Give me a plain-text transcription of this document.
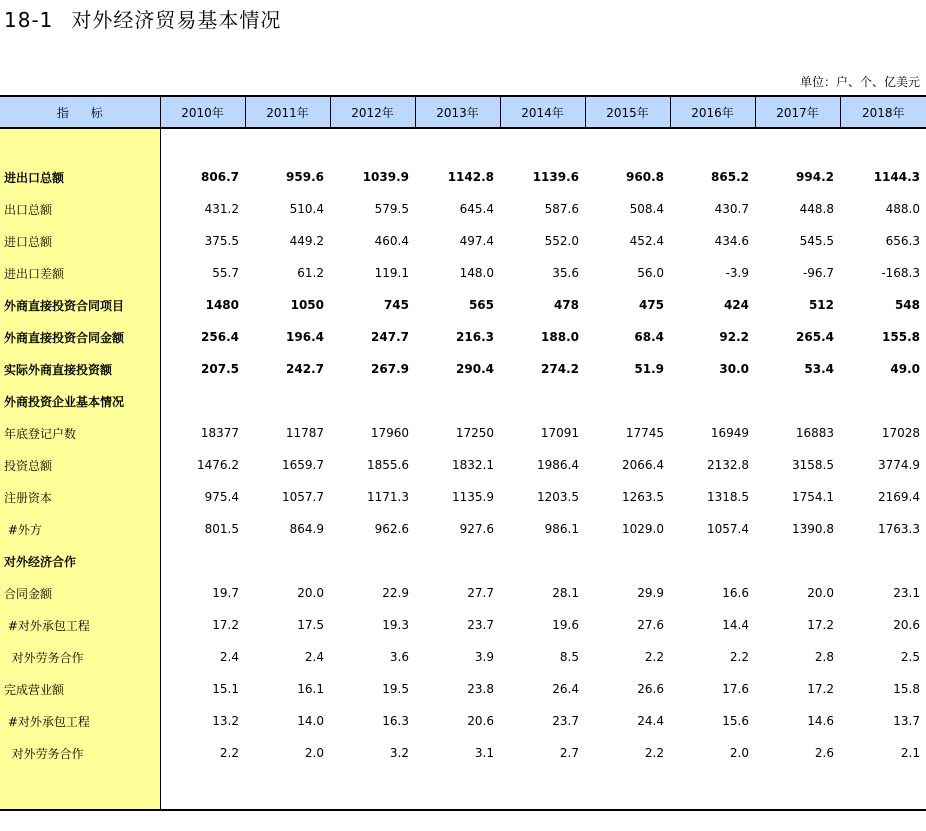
18-1 对外经济贸易基本情况
单位：户、个、亿美元
指标	2010年	2011年	2012年	2013年	2014年	2015年	2016年	2017年	2018年

进出口总额	806.7	959.6	1039.9	1142.8	1139.6	960.8	865.2	994.2	1144.3
出口总额	431.2	510.4	579.5	645.4	587.6	508.4	430.7	448.8	488.0
进口总额	375.5	449.2	460.4	497.4	552.0	452.4	434.6	545.5	656.3
进出口差额	55.7	61.2	119.1	148.0	35.6	56.0	-3.9	-96.7	-168.3
外商直接投资合同项目	1480	1050	745	565	478	475	424	512	548
外商直接投资合同金额	256.4	196.4	247.7	216.3	188.0	68.4	92.2	265.4	155.8
实际外商直接投资额	207.5	242.7	267.9	290.4	274.2	51.9	30.0	53.4	49.0
外商投资企业基本情况									
年底登记户数	18377	11787	17960	17250	17091	17745	16949	16883	17028
投资总额	1476.2	1659.7	1855.6	1832.1	1986.4	2066.4	2132.8	3158.5	3774.9
注册资本	975.4	1057.7	1171.3	1135.9	1203.5	1263.5	1318.5	1754.1	2169.4
#外方	801.5	864.9	962.6	927.6	986.1	1029.0	1057.4	1390.8	1763.3
对外经济合作									
合同金额	19.7	20.0	22.9	27.7	28.1	29.9	16.6	20.0	23.1
#对外承包工程	17.2	17.5	19.3	23.7	19.6	27.6	14.4	17.2	20.6
对外劳务合作	2.4	2.4	3.6	3.9	8.5	2.2	2.2	2.8	2.5
完成营业额	15.1	16.1	19.5	23.8	26.4	26.6	17.6	17.2	15.8
#对外承包工程	13.2	14.0	16.3	20.6	23.7	24.4	15.6	14.6	13.7
对外劳务合作	2.2	2.0	3.2	3.1	2.7	2.2	2.0	2.6	2.1
